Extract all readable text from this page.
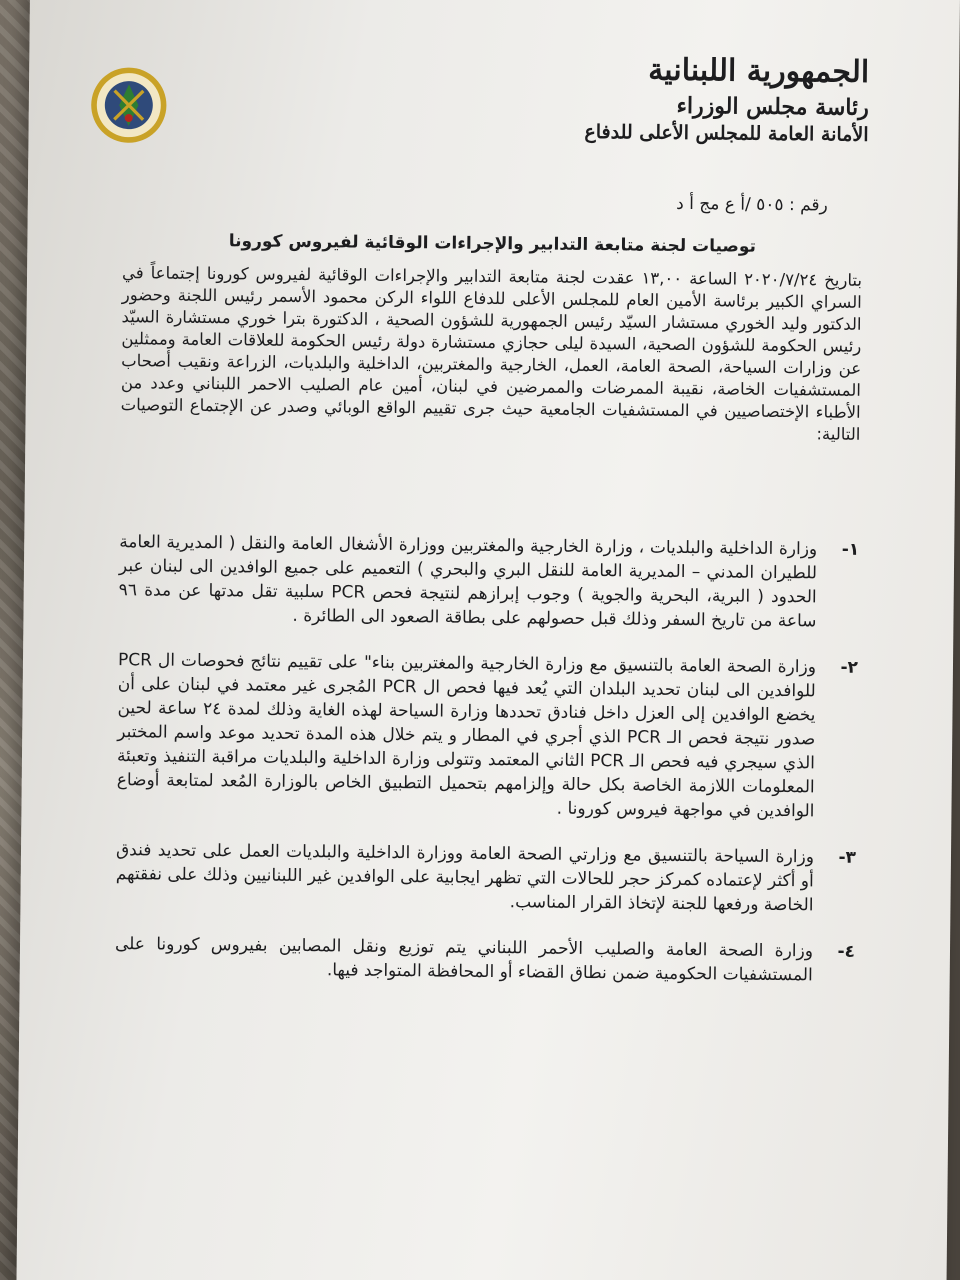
الجمهورية اللبنانية
رئاسة مجلس الوزراء
الأمانة العامة للمجلس الأعلى للدفاع
رقم : ٥٠٥ /أ ع مج أ د
توصيات لجنة متابعة التدابير والإجراءات الوقائية لفيروس كورونا
بتاريخ ٢٠٢٠/٧/٢٤ الساعة ١٣,٠٠ عقدت لجنة متابعة التدابير والإجراءات الوقائية لفيروس كورونا إجتماعاً في السراي الكبير برئاسة الأمين العام للمجلس الأعلى للدفاع اللواء الركن محمود الأسمر رئيس اللجنة وحضور الدكتور وليد الخوري مستشار السيّد رئيس الجمهورية للشؤون الصحية ، الدكتورة بترا خوري مستشارة السيّد رئيس الحكومة للشؤون الصحية، السيدة ليلى حجازي مستشارة دولة رئيس الحكومة للعلاقات العامة وممثلين عن وزارات السياحة، الصحة العامة، العمل، الخارجية والمغتربين، الداخلية والبلديات، الزراعة ونقيب أصحاب المستشفيات الخاصة، نقيبة الممرضات والممرضين في لبنان، أمين عام الصليب الاحمر اللبناني وعدد من الأطباء الإختصاصيين في المستشفيات الجامعية حيث جرى تقييم الواقع الوبائي وصدر عن الإجتماع التوصيات التالية:
١-
وزارة الداخلية والبلديات ، وزارة الخارجية والمغتربين ووزارة الأشغال العامة والنقل ( المديرية العامة للطيران المدني – المديرية العامة للنقل البري والبحري ) التعميم على جميع الوافدين الى لبنان عبر الحدود ( البرية، البحرية والجوية ) وجوب إبرازهم لنتيجة فحص PCR سلبية تقل مدتها عن مدة ٩٦ ساعة من تاريخ السفر وذلك قبل حصولهم على بطاقة الصعود الى الطائرة .
٢-
وزارة الصحة العامة بالتنسيق مع وزارة الخارجية والمغتربين بناء" على تقييم نتائج فحوصات ال PCR للوافدين الى لبنان تحديد البلدان التي يُعد فيها فحص ال PCR المُجرى غير معتمد في لبنان على أن يخضع الوافدين إلى العزل داخل فنادق تحددها وزارة السياحة لهذه الغاية وذلك لمدة ٢٤ ساعة لحين صدور نتيجة فحص الـ PCR الذي أجري في المطار و يتم خلال هذه المدة تحديد موعد واسم المختبر الذي سيجري فيه فحص الـ PCR الثاني المعتمد وتتولى وزارة الداخلية والبلديات مراقبة التنفيذ وتعبئة المعلومات اللازمة الخاصة بكل حالة وإلزامهم بتحميل التطبيق الخاص بالوزارة المُعد لمتابعة أوضاع الوافدين في مواجهة فيروس كورونا .
٣-
وزارة السياحة بالتنسيق مع وزارتي الصحة العامة ووزارة الداخلية والبلديات العمل على تحديد فندق أو أكثر لإعتماده كمركز حجر للحالات التي تظهر ايجابية على الوافدين غير اللبنانيين وذلك على نفقتهم الخاصة ورفعها للجنة لإتخاذ القرار المناسب.
٤-
وزارة الصحة العامة والصليب الأحمر اللبناني يتم توزيع ونقل المصابين بفيروس كورونا على المستشفيات الحكومية ضمن نطاق القضاء أو المحافظة المتواجد فيها.
